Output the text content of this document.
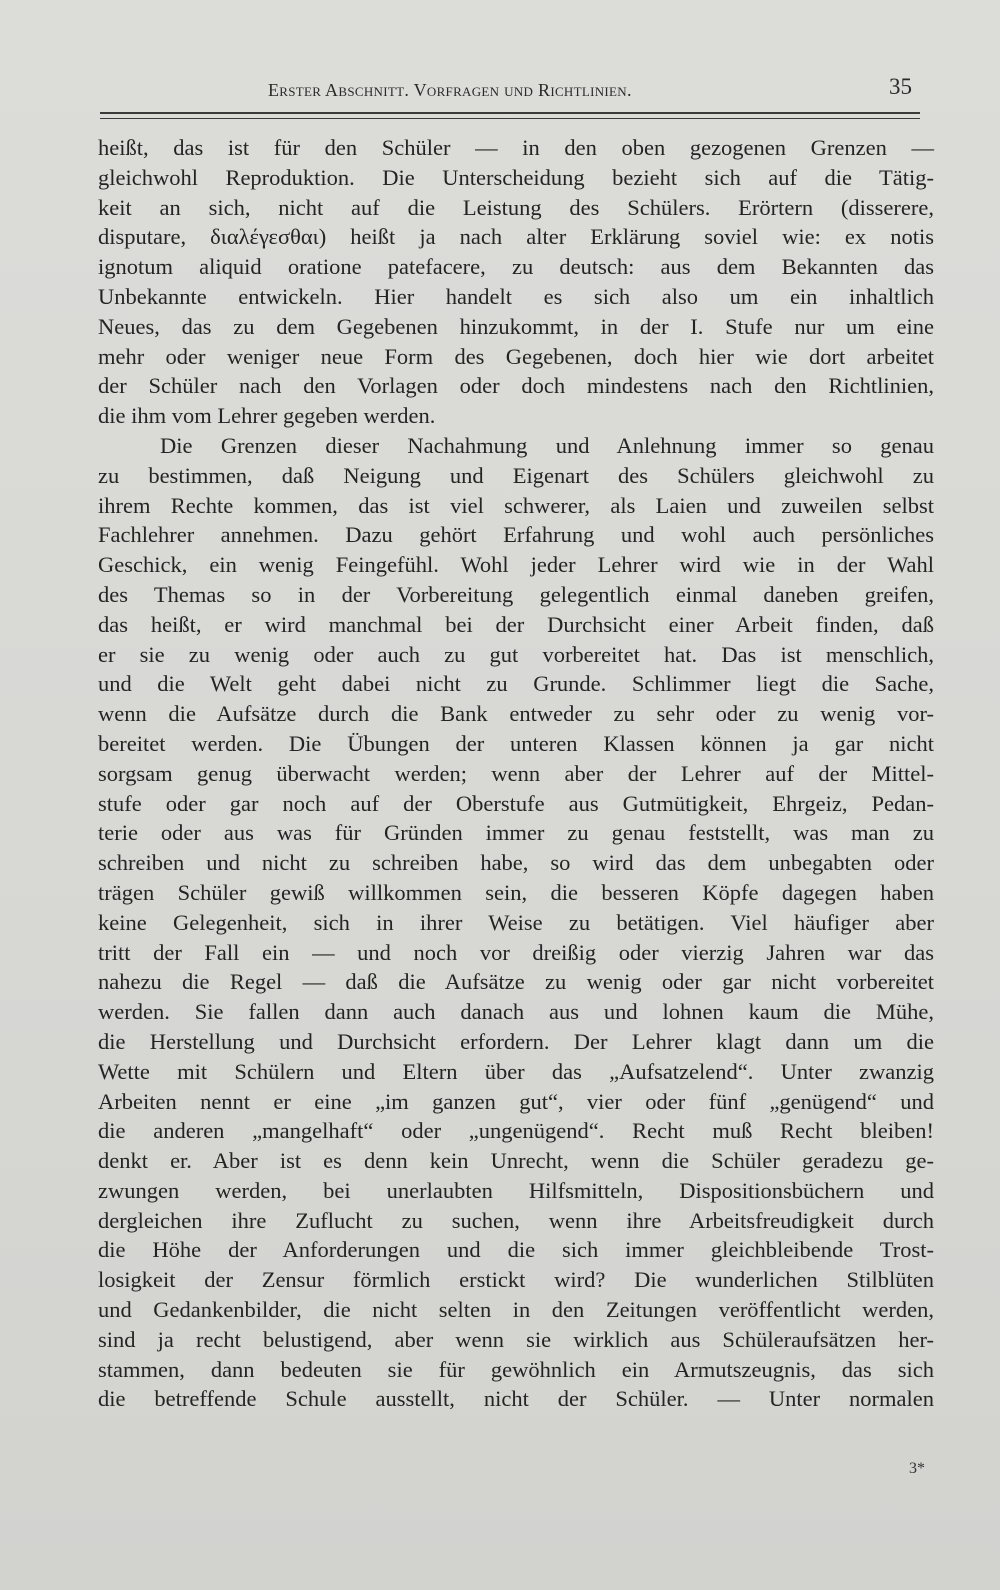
Erster Abschnitt. Vorfragen und Richtlinien.	35
heißt, das ist für den Schüler — in den oben gezogenen Grenzen —
gleichwohl Reproduktion. Die Unterscheidung bezieht sich auf die Tätig-
keit an sich, nicht auf die Leistung des Schülers. Erörtern (disserere,
disputare, διαλέγεσθαι) heißt ja nach alter Erklärung soviel wie: ex notis
ignotum aliquid oratione patefacere, zu deutsch: aus dem Bekannten das
Unbekannte entwickeln. Hier handelt es sich also um ein inhaltlich
Neues, das zu dem Gegebenen hinzukommt, in der I. Stufe nur um eine
mehr oder weniger neue Form des Gegebenen, doch hier wie dort arbeitet
der Schüler nach den Vorlagen oder doch mindestens nach den Richtlinien,
die ihm vom Lehrer gegeben werden.
Die Grenzen dieser Nachahmung und Anlehnung immer so genau
zu bestimmen, daß Neigung und Eigenart des Schülers gleichwohl zu
ihrem Rechte kommen, das ist viel schwerer, als Laien und zuweilen selbst
Fachlehrer annehmen. Dazu gehört Erfahrung und wohl auch persönliches
Geschick, ein wenig Feingefühl. Wohl jeder Lehrer wird wie in der Wahl
des Themas so in der Vorbereitung gelegentlich einmal daneben greifen,
das heißt, er wird manchmal bei der Durchsicht einer Arbeit finden, daß
er sie zu wenig oder auch zu gut vorbereitet hat. Das ist menschlich,
und die Welt geht dabei nicht zu Grunde. Schlimmer liegt die Sache,
wenn die Aufsätze durch die Bank entweder zu sehr oder zu wenig vor-
bereitet werden. Die Übungen der unteren Klassen können ja gar nicht
sorgsam genug überwacht werden; wenn aber der Lehrer auf der Mittel-
stufe oder gar noch auf der Oberstufe aus Gutmütigkeit, Ehrgeiz, Pedan-
terie oder aus was für Gründen immer zu genau feststellt, was man zu
schreiben und nicht zu schreiben habe, so wird das dem unbegabten oder
trägen Schüler gewiß willkommen sein, die besseren Köpfe dagegen haben
keine Gelegenheit, sich in ihrer Weise zu betätigen. Viel häufiger aber
tritt der Fall ein — und noch vor dreißig oder vierzig Jahren war das
nahezu die Regel — daß die Aufsätze zu wenig oder gar nicht vorbereitet
werden. Sie fallen dann auch danach aus und lohnen kaum die Mühe,
die Herstellung und Durchsicht erfordern. Der Lehrer klagt dann um die
Wette mit Schülern und Eltern über das „Aufsatzelend“. Unter zwanzig
Arbeiten nennt er eine „im ganzen gut“, vier oder fünf „genügend“ und
die anderen „mangelhaft“ oder „ungenügend“. Recht muß Recht bleiben!
denkt er. Aber ist es denn kein Unrecht, wenn die Schüler geradezu ge-
zwungen werden, bei unerlaubten Hilfsmitteln, Dispositionsbüchern und
dergleichen ihre Zuflucht zu suchen, wenn ihre Arbeitsfreudigkeit durch
die Höhe der Anforderungen und die sich immer gleichbleibende Trost-
losigkeit der Zensur förmlich erstickt wird? Die wunderlichen Stilblüten
und Gedankenbilder, die nicht selten in den Zeitungen veröffentlicht werden,
sind ja recht belustigend, aber wenn sie wirklich aus Schüleraufsätzen her-
stammen, dann bedeuten sie für gewöhnlich ein Armutszeugnis, das sich
die betreffende Schule ausstellt, nicht der Schüler. — Unter normalen
3*
